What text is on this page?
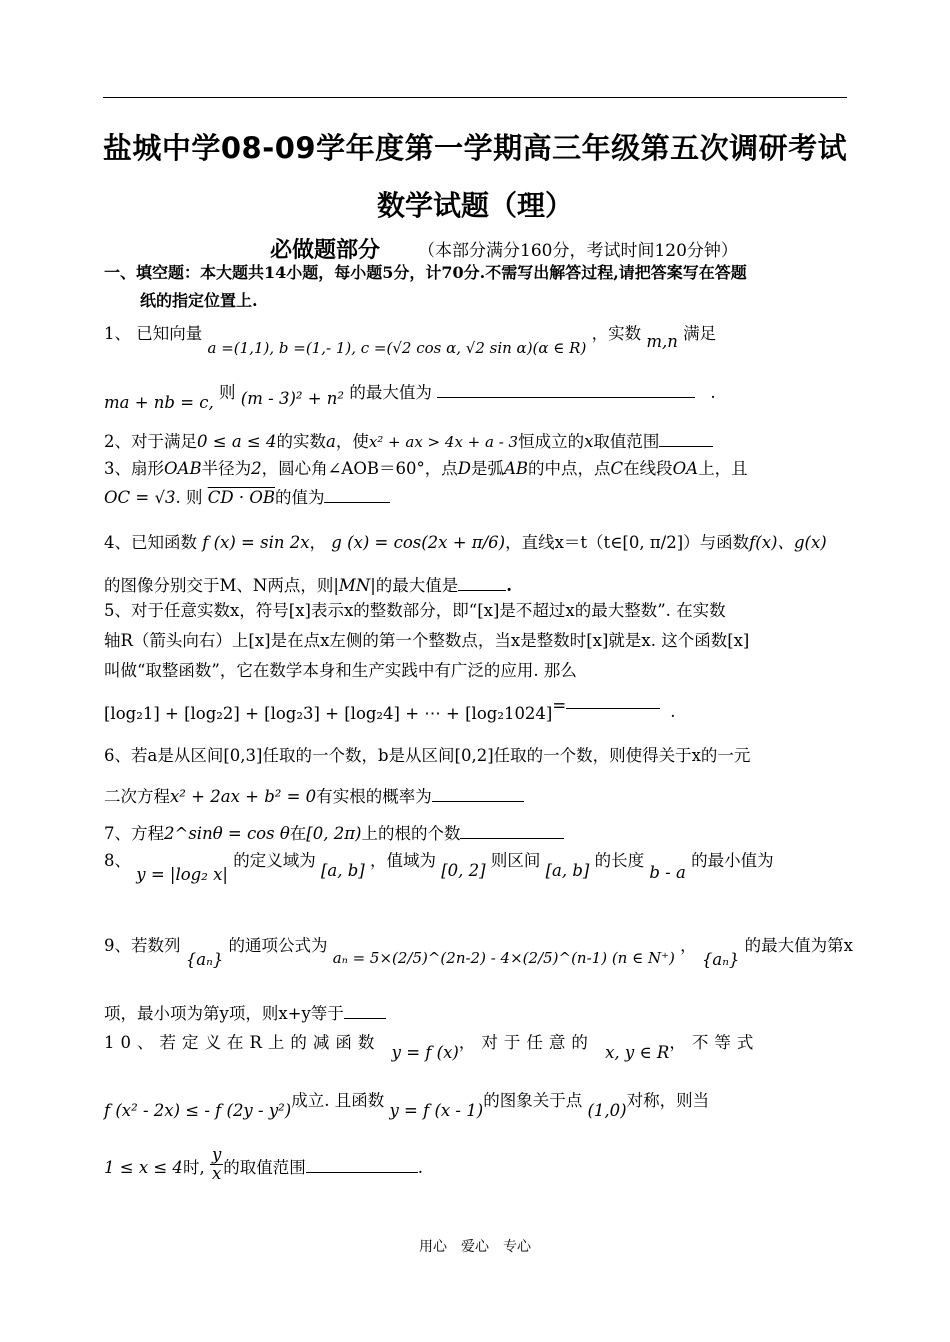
盐城中学08-09学年度第一学期高三年级第五次调研考试
数学试题（理）
必做题部分 （本部分满分160分，考试时间120分钟）
一、填空题：本大题共14小题，每小题5分，计70分.不需写出解答过程,请把答案写在答题
纸的指定位置上.
1、 已知向量 a =(1,1), b =(1,- 1), c =(√2 cos α, √2 sin α)(α ∈ R) ，实数 m,n 满足
ma + nb = c, 则 (m - 3)² + n² 的最大值为	.
2、对于满足0 ≤ a ≤ 4的实数a，使x² + ax > 4x + a - 3恒成立的x取值范围
3、扇形OAB半径为2，圆心角∠AOB＝60°，点D是弧AB的中点，点C在线段OA上，且
OC = √3. 则 CD · OB的值为
4、已知函数 f (x) = sin 2x， g (x) = cos(2x + π/6)，直线x＝t（t∈[0, π/2]）与函数f(x)、g(x)
的图像分别交于M、N两点，则|MN|的最大值是	.
5、对于任意实数x，符号[x]表示x的整数部分，即“[x]是不超过x的最大整数”. 在实数
轴R（箭头向右）上[x]是在点x左侧的第一个整数点，当x是整数时[x]就是x. 这个函数[x]
叫做“取整函数”，它在数学本身和生产实践中有广泛的应用. 那么
[log₂1] + [log₂2] + [log₂3] + [log₂4] + ⋯ + [log₂1024]=	.
6、若a是从区间[0,3]任取的一个数，b是从区间[0,2]任取的一个数，则使得关于x的一元
二次方程x² + 2ax + b² = 0有实根的概率为
7、方程2^sinθ = cos θ在[0, 2π)上的根的个数
8、 y = |log₂ x| 的定义域为 [a, b] ，值域为 [0, 2] 则区间 [a, b] 的长度 b - a 的最小值为
9、若数列 {aₙ} 的通项公式为 aₙ = 5×(2/5)^(2n-2) - 4×(2/5)^(n-1) (n ∈ N⁺) ， {aₙ} 的最大值为第x
项，最小项为第y项，则x+y等于
10、若定义在R上的减函数 y = f (x)，对于任意的 x, y ∈ R，不等式
f (x² - 2x) ≤ - f (2y - y²)成立. 且函数 y = f (x - 1)的图象关于点 (1,0)对称，则当
1 ≤ x ≤ 4时, $\frac{y}{x}$ 的取值范围	.
用心　爱心　专心
